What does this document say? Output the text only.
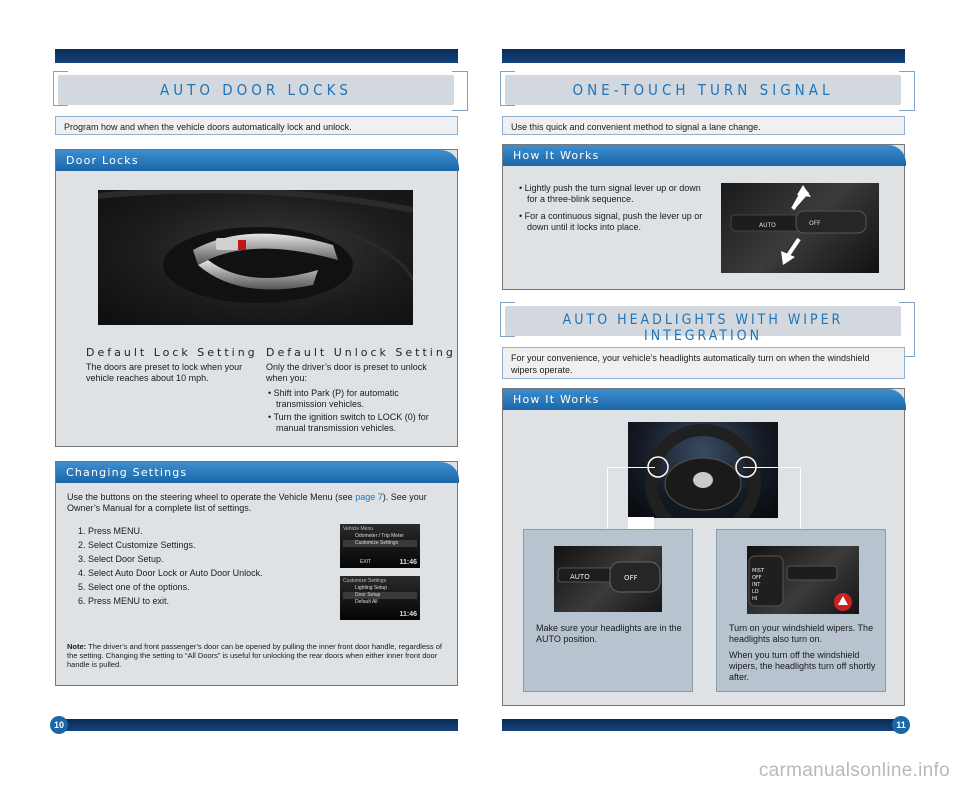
AUTO DOOR LOCKS
Program how and when the vehicle doors automatically lock and unlock.
Door Locks
Default Lock Setting
The doors are preset to lock when your vehicle reaches about 10 mph.
Default Unlock Setting
Only the driver’s door is preset to unlock when you:
• Shift into Park (P) for automatic transmission vehicles.
• Turn the ignition switch to LOCK (0) for manual transmission vehicles.
Changing Settings
Use the buttons on the steering wheel to operate the Vehicle Menu (see page 7). See your Owner’s Manual for a complete list of settings.
1. Press MENU.
2. Select Customize Settings.
3. Select Door Setup.
4. Select Auto Door Lock or Auto Door Unlock.
5. Select one of the options.
6. Press MENU to exit.
Vehicle Menu
Odometer / Trip Meter
Customize Settings
EXIT	11:46
Customize Settings
Lighting Setup
Door Setup
Default All
11:46
Note: The driver’s and front passenger’s door can be opened by pulling the inner front door handle, regardless of the setting. Changing the setting to “All Doors” is useful for unlocking the rear doors when either inner front door handle is pulled.
10
ONE-TOUCH TURN SIGNAL
Use this quick and convenient method to signal a lane change.
How It Works
• Lightly push the turn signal lever up or down for a three-blink sequence.
• For a continuous signal, push the lever up or down until it locks into place.	AUTO	OFF
AUTO HEADLIGHTS WITH WIPER INTEGRATION
For your convenience, your vehicle’s headlights automatically turn on when the windshield wipers operate.
How It Works
AUTO	OFF
Make sure your headlights are in the AUTO position.
MIST
OFF
INT
LO
HI
Turn on your windshield wipers. The headlights also turn on.
When you turn off the windshield wipers, the headlights turn off shortly after.
11
carmanualsonline.info
